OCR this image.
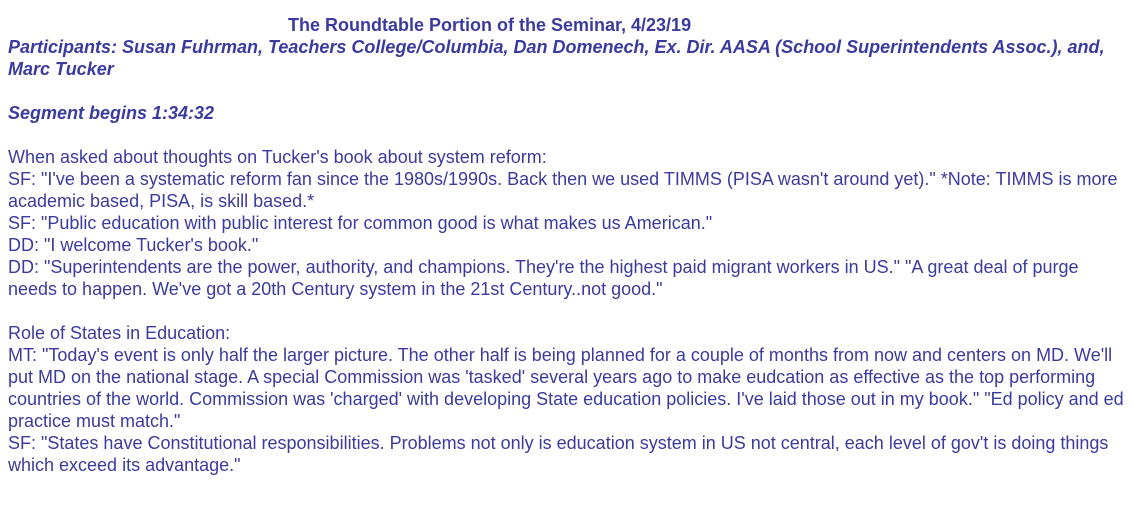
The Roundtable Portion of the Seminar, 4/23/19

Participants: Susan Fuhrman, Teachers College/Columbia, Dan Domenech, Ex. Dir. AASA (School Superintendents Assoc.), and, Marc Tucker

Segment begins 1:34:32

When asked about thoughts on Tucker's book about system reform:

SF: "I've been a systematic reform fan since the 1980s/1990s. Back then we used TIMMS (PISA wasn't around yet)." *Note: TIMMS is more academic based, PISA, is skill based.*

SF: "Public education with public interest for common good is what makes us American."

DD: "I welcome Tucker's book."

DD: "Superintendents are the power, authority, and champions. They're the highest paid migrant workers in US." "A great deal of purge needs to happen. We've got a 20th Century system in the 21st Century..not good."

Role of States in Education:

MT: "Today's event is only half the larger picture. The other half is being planned for a couple of months from now and centers on MD. We'll put MD on the national stage. A special Commission was 'tasked' several years ago to make eudcation as effective as the top performing countries of the world. Commission was 'charged' with developing State education policies. I've laid those out in my book." "Ed policy and ed practice must match."

SF: "States have Constitutional responsibilities. Problems not only is education system in US not central, each level of gov't is doing things which exceed its advantage."
